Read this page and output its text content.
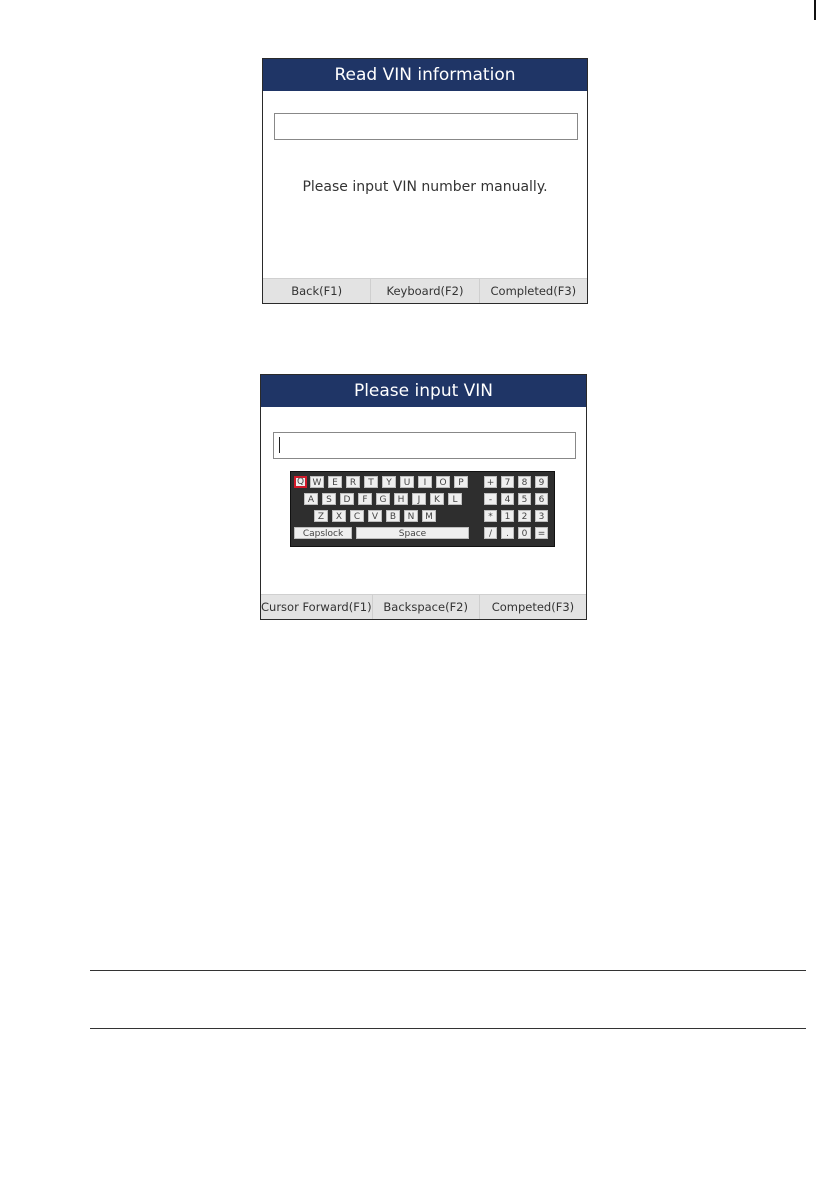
Read VIN information
Please input VIN number manually.
Back(F1)	Keyboard(F2)	Completed(F3)
Please input VIN
Q W	E	R	T	Y	U	I	O	P
A	S	D	F	G	H	J	K	L
Z	X	C	V	B	N	M
Capslock	Space
+	7	8	9
-	4	5	6
*	1	2	3
/	.	0	=
Cursor Forward(F1)	Backspace(F2)	Competed(F3)
